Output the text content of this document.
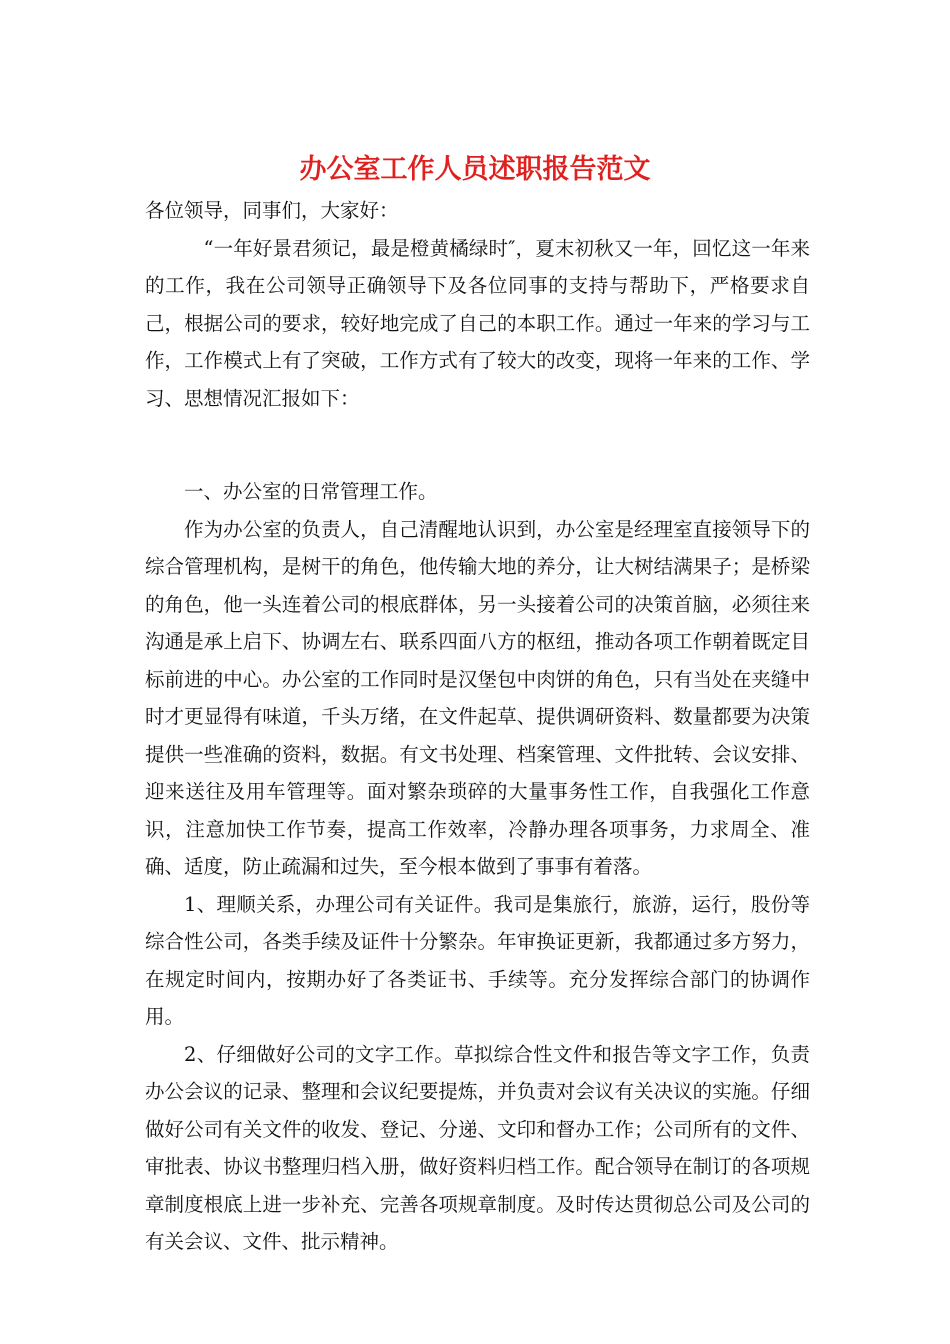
办公室工作人员述职报告范文

各位领导，同事们，大家好：

“一年好景君须记，最是橙黄橘绿时″，夏末初秋又一年，回忆这一年来的工作，我在公司领导正确领导下及各位同事的支持与帮助下，严格要求自己，根据公司的要求，较好地完成了自己的本职工作。通过一年来的学习与工作，工作模式上有了突破，工作方式有了较大的改变，现将一年来的工作、学习、思想情况汇报如下：

一、办公室的日常管理工作。

作为办公室的负责人，自己清醒地认识到，办公室是经理室直接领导下的综合管理机构，是树干的角色，他传输大地的养分，让大树结满果子；是桥梁的角色，他一头连着公司的根底群体，另一头接着公司的决策首脑，必须往来沟通是承上启下、协调左右、联系四面八方的枢纽，推动各项工作朝着既定目标前进的中心。办公室的工作同时是汉堡包中肉饼的角色，只有当处在夹缝中时才更显得有味道，千头万绪，在文件起草、提供调研资料、数量都要为决策提供一些准确的资料，数据。有文书处理、档案管理、文件批转、会议安排、迎来送往及用车管理等。面对繁杂琐碎的大量事务性工作，自我强化工作意识，注意加快工作节奏，提高工作效率，冷静办理各项事务，力求周全、准确、适度，防止疏漏和过失，至今根本做到了事事有着落。

1、理顺关系，办理公司有关证件。我司是集旅行，旅游，运行，股份等综合性公司，各类手续及证件十分繁杂。年审换证更新，我都通过多方努力，在规定时间内，按期办好了各类证书、手续等。充分发挥综合部门的协调作用。

2、仔细做好公司的文字工作。草拟综合性文件和报告等文字工作，负责办公会议的记录、整理和会议纪要提炼，并负责对会议有关决议的实施。仔细做好公司有关文件的收发、登记、分递、文印和督办工作；公司所有的文件、审批表、协议书整理归档入册，做好资料归档工作。配合领导在制订的各项规章制度根底上进一步补充、完善各项规章制度。及时传达贯彻总公司及公司的有关会议、文件、批示精神。
